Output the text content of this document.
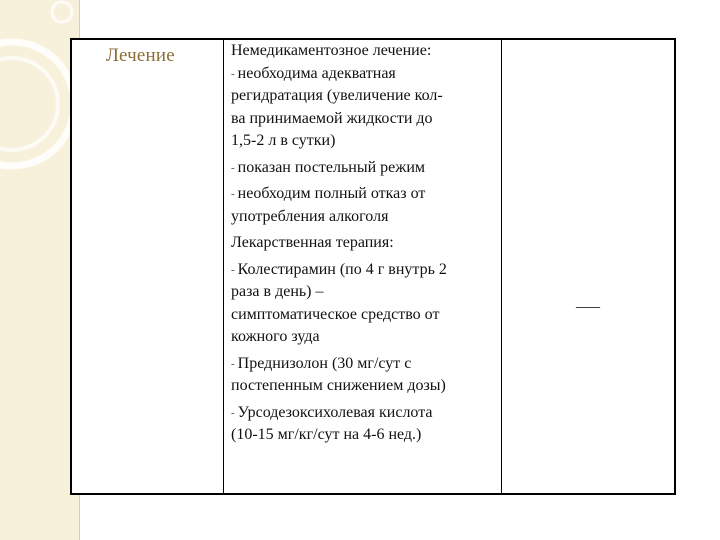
Лечение	Немедикаментозное лечение:
- необходима адекватная
регидратация (увеличение кол-
ва принимаемой жидкости до
1,5-2 л в сутки)
- показан постельный режим
- необходим полный отказ от
употребления алкоголя
Лекарственная терапия:
- Колестирамин (по 4 г внутрь 2
раза в день) –
симптоматическое средство от
кожного зуда
- Преднизолон (30 мг/сут с
постепенным снижением дозы)
- Урсодезоксихолевая кислота
(10-15 мг/кг/сут на 4-6 нед.)
___
